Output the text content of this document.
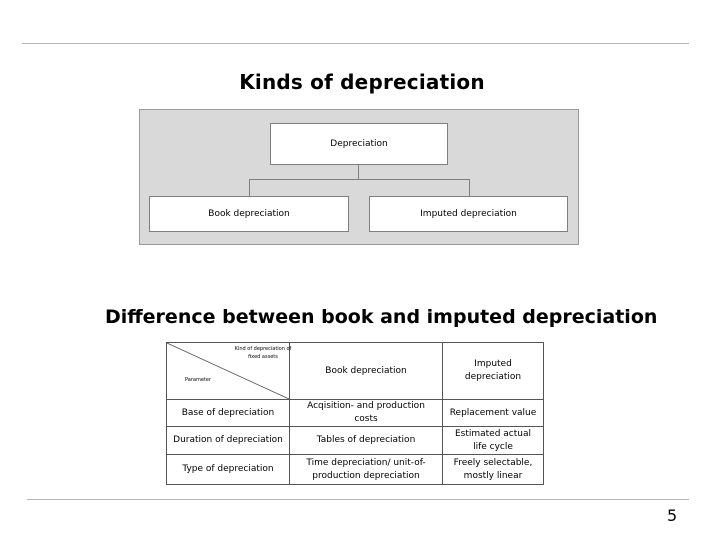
Kinds of depreciation
Depreciation
Book depreciation	Imputed depreciation
Difference between book and imputed depreciation
Kind of depreciation of fixed assets
Parameter	Book depreciation	Imputed depreciation
Base of depreciation	Acqisition- and production costs	Replacement value
Duration of depreciation	Tables of depreciation	Estimated actual life cycle
Type of depreciation	Time depreciation/ unit-of-production depreciation	Freely selectable, mostly linear
5
